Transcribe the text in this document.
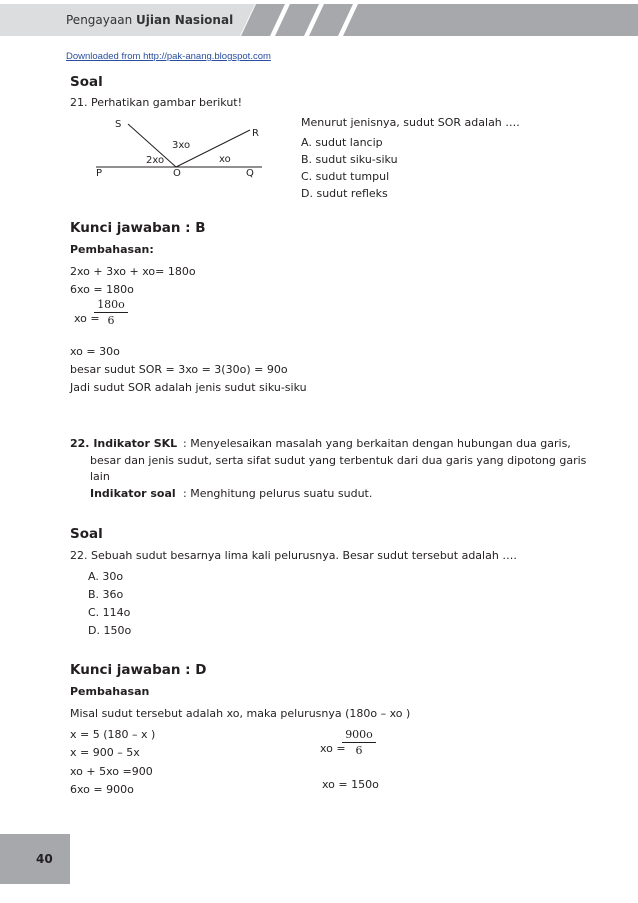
Pengayaan Ujian Nasional
Downloaded from http://pak-anang.blogspot.com
Soal
21. Perhatikan gambar berikut!
S
R
P	O	Q
3xo
2xo	xo
Menurut jenisnya, sudut SOR adalah ….
A. sudut lancip
B. sudut siku-siku
C. sudut tumpul
D. sudut refleks
Kunci jawaban : B
Pembahasan:
2xo + 3xo + xo= 180o
6xo = 180o
xo =
180o
6
xo = 30o
besar sudut SOR = 3xo = 3(30o) = 90o
Jadi sudut SOR adalah jenis sudut siku-siku
22. Indikator SKL : Menyelesaikan masalah yang berkaitan dengan hubungan dua garis,
besar dan jenis sudut, serta sifat sudut yang terbentuk dari dua garis yang dipotong garis
lain
Indikator soal : Menghitung pelurus suatu sudut.
Soal
22. Sebuah sudut besarnya lima kali pelurusnya. Besar sudut tersebut adalah ….
A. 30o
B. 36o
C. 114o
D. 150o
Kunci jawaban : D
Pembahasan
Misal sudut tersebut adalah xo, maka pelurusnya (180o – xo )
x = 5 (180 – x )
x = 900 – 5x
xo + 5xo =900
6xo = 900o
xo =
900o
6
xo = 150o
40
